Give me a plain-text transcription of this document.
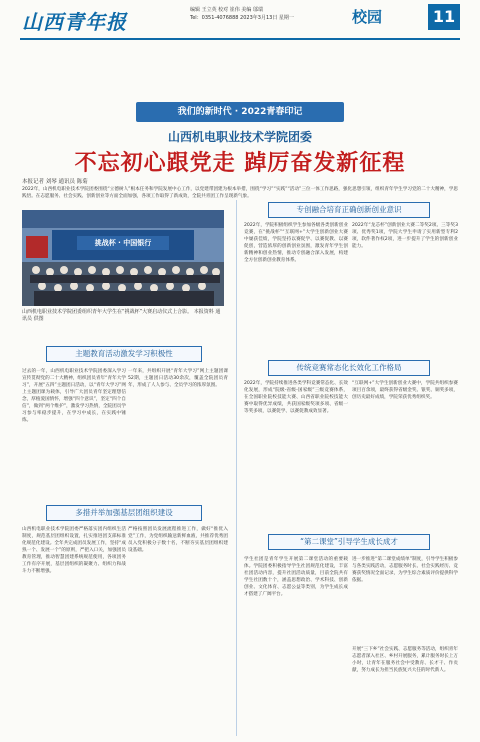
山西青年报	编辑 王立英 校对 崔伟 美编 邬瑞
Tel：0351-4076888 2023年3月13日 星期一	校园	11
我们的新时代 · 2022青春印记
山西机电职业技术学院团委
不忘初心跟党走 踔厉奋发新征程
本报记者 刘琴 通讯员 陈菊
2022年，山西机电职业技术学院团委围绕“立德树人”根本任务和学院发展中心工作，以党建带团建为根本举措，围绕“学习”“实践”“活动”三位一体工作思路，强化思想引领，组织青年学生学习党的二十大精神，学思践悟。在志愿服务、社会实践、创新创业等方面全面加强，各项工作取得了新成效，全院共青团工作呈现新气象。
挑战杯 · 中国银行
山西机电职业技术学院团委组织青年大学生在“挑战杯”大赛启动仪式上合影。 本报资料 通讯员 供图
主题教育活动激发学习积极性
过去的一年，山西机电职业技术学院团委深入学习宣传贯彻党的二十大精神，组织团员青年“青年大学习”，开展“五四”主题团日活动，以“青年大学习”网上主题团课为载体，引导广大团员青年坚定理想信念，厚植爱国情怀，增强“四个意识”，坚定“四个自信”，做到“两个维护”，激发学习热情，全院团员学习参与率稳步提升，在学习中成长，在实践中锤炼。
一年来，共组织开展“青年大学习”网上主题团课52期，主题团日活动30余次，覆盖全院团员青年，形成了人人参与、全员学习的浓厚氛围。
多措并举加强基层团组织建设
山西机电职业技术学院团委严格落实团内组织生活制度，规范基层团组织设置，扎实推进团支部标准化规范化建设。全年共完成团员发展工作，坚持“成熟一个、发展一个”的原则，严把入口关，加强团员教育管理，推动智慧团建系统规范使用，各项团务工作有序开展，基层团组织的凝聚力、组织力和战斗力不断增强。
严格按照团员发展流程推进工作，做好“推优入党”工作，为党组织输送新鲜血液，共推荐优秀团员入党积极分子数十名，不断夯实基层团组织建设基础。
专创融合培育正确创新创业意识
2022年，学院积极组织学生参加各级各类创新创业竞赛，在“挑战杯”“互联网+”大学生创新创业大赛中屡获佳绩，学院坚持以赛促学、以赛促教、以赛促创，营造浓厚的创新创业氛围，激发青年学生创新精神和创业热情，推动专创融合深入发展，构建全方位创新创业教育体系。
2022年“龙芯杯”创新创业大赛二等奖2项、三等奖3项、优秀奖1项，学院大学生申请了实用新型专利2项，软件著作权2项，进一步提升了学生的创新创业能力。
传统竞赛常态化长效化工作格局
2022年，学院持续推进各类学科竞赛常态化、长效化发展，形成“院级-省级-国家级”三级竞赛体系，在全国职业院校技能大赛、山西省职业院校技能大赛中取得优异成绩，共获国家级奖项多项、省级一等奖多项，以赛促学、以赛促教成效显著。
“互联网+”大学生创新创业大赛中，学院共组织参赛项目百余项，最终获得省级金奖、银奖、铜奖多项，创历史最好成绩，学院荣获优秀组织奖。
“第二课堂”引导学生成长成才
学生社团是青年学生开展第二课堂活动的重要载体。学院团委积极指导学生社团规范化建设，丰富社团活动内容，提升社团活动质量，目前全院共有学生社团数十个，涵盖思想政治、学术科技、创新创业、文化体育、志愿公益等类别，为学生成长成才搭建了广阔平台。
进一步推进“第二课堂成绩单”制度，引导学生积极参与各类实践活动，志愿服务时长、社会实践经历、竞赛获奖情况全面记录，为学生综合素质评价提供科学依据。
开展“三下乡”社会实践、志愿服务等活动，组织青年志愿者深入社区、乡村开展服务，累计服务时长上万小时，让青年在服务社会中受教育、长才干、作贡献，努力成长为担当民族复兴大任的时代新人。
